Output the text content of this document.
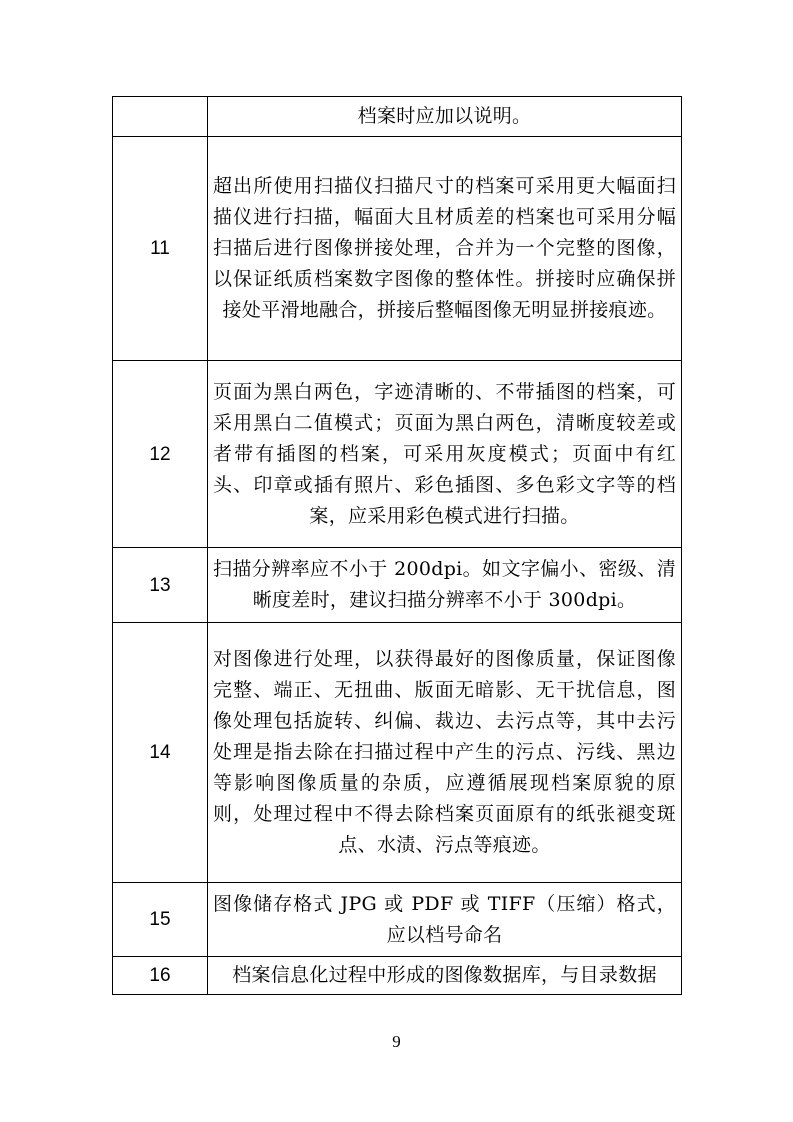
	档案时应加以说明。
11	超出所使用扫描仪扫描尺寸的档案可采用更大幅面扫描仪进行扫描，幅面大且材质差的档案也可采用分幅扫描后进行图像拼接处理，合并为一个完整的图像，以保证纸质档案数字图像的整体性。拼接时应确保拼接处平滑地融合，拼接后整幅图像无明显拼接痕迹。
12	页面为黑白两色，字迹清晰的、不带插图的档案，可采用黑白二值模式；页面为黑白两色，清晰度较差或者带有插图的档案，可采用灰度模式；页面中有红头、印章或插有照片、彩色插图、多色彩文字等的档案，应采用彩色模式进行扫描。
13	扫描分辨率应不小于 200dpi。如文字偏小、密级、清晰度差时，建议扫描分辨率不小于 300dpi。
14	对图像进行处理，以获得最好的图像质量，保证图像完整、端正、无扭曲、版面无暗影、无干扰信息，图像处理包括旋转、纠偏、裁边、去污点等，其中去污处理是指去除在扫描过程中产生的污点、污线、黑边等影响图像质量的杂质，应遵循展现档案原貌的原则，处理过程中不得去除档案页面原有的纸张褪变斑点、水渍、污点等痕迹。
15	图像储存格式 JPG 或 PDF 或 TIFF（压缩）格式，应以档号命名
16	档案信息化过程中形成的图像数据库，与目录数据
9
